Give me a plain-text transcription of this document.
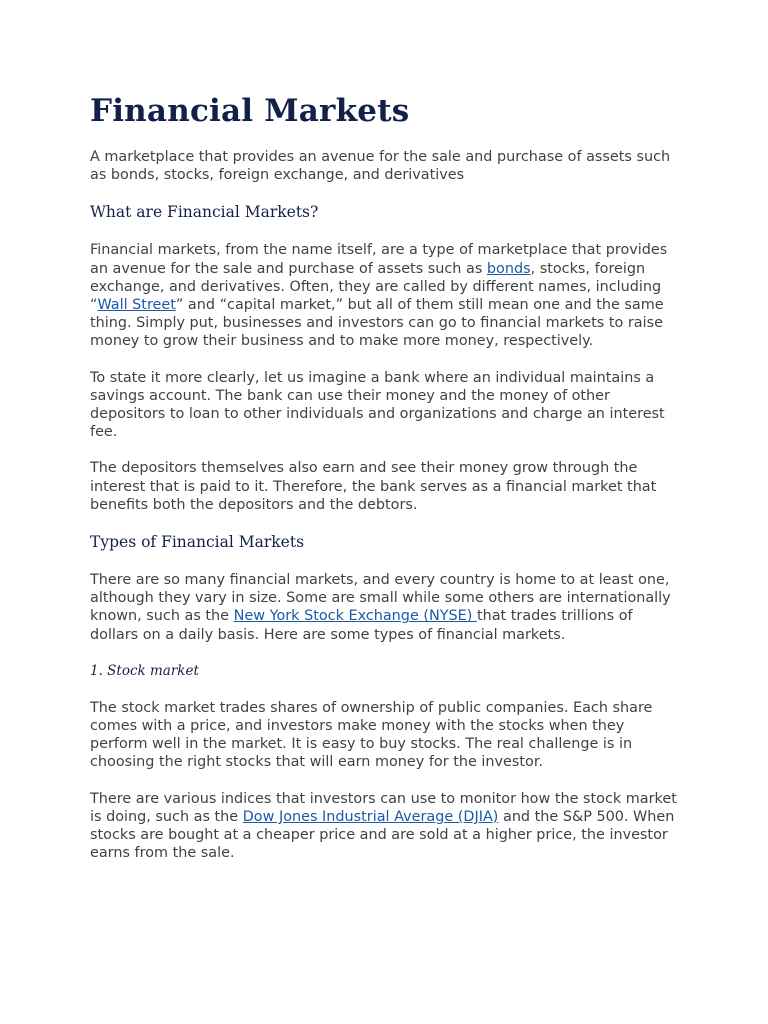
Financial Markets

A marketplace that provides an avenue for the sale and purchase of assets such as bonds, stocks, foreign exchange, and derivatives

What are Financial Markets?

Financial markets, from the name itself, are a type of marketplace that provides an avenue for the sale and purchase of assets such as bonds, stocks, foreign exchange, and derivatives. Often, they are called by different names, including “Wall Street” and “capital market,” but all of them still mean one and the same thing. Simply put, businesses and investors can go to financial markets to raise money to grow their business and to make more money, respectively.

To state it more clearly, let us imagine a bank where an individual maintains a savings account. The bank can use their money and the money of other depositors to loan to other individuals and organizations and charge an interest fee.

The depositors themselves also earn and see their money grow through the interest that is paid to it. Therefore, the bank serves as a financial market that benefits both the depositors and the debtors.

Types of Financial Markets

There are so many financial markets, and every country is home to at least one, although they vary in size. Some are small while some others are internationally known, such as the New York Stock Exchange (NYSE) that trades trillions of dollars on a daily basis. Here are some types of financial markets.

1. Stock market

The stock market trades shares of ownership of public companies. Each share comes with a price, and investors make money with the stocks when they perform well in the market. It is easy to buy stocks. The real challenge is in choosing the right stocks that will earn money for the investor.

There are various indices that investors can use to monitor how the stock market is doing, such as the Dow Jones Industrial Average (DJIA) and the S&P 500. When stocks are bought at a cheaper price and are sold at a higher price, the investor earns from the sale.
